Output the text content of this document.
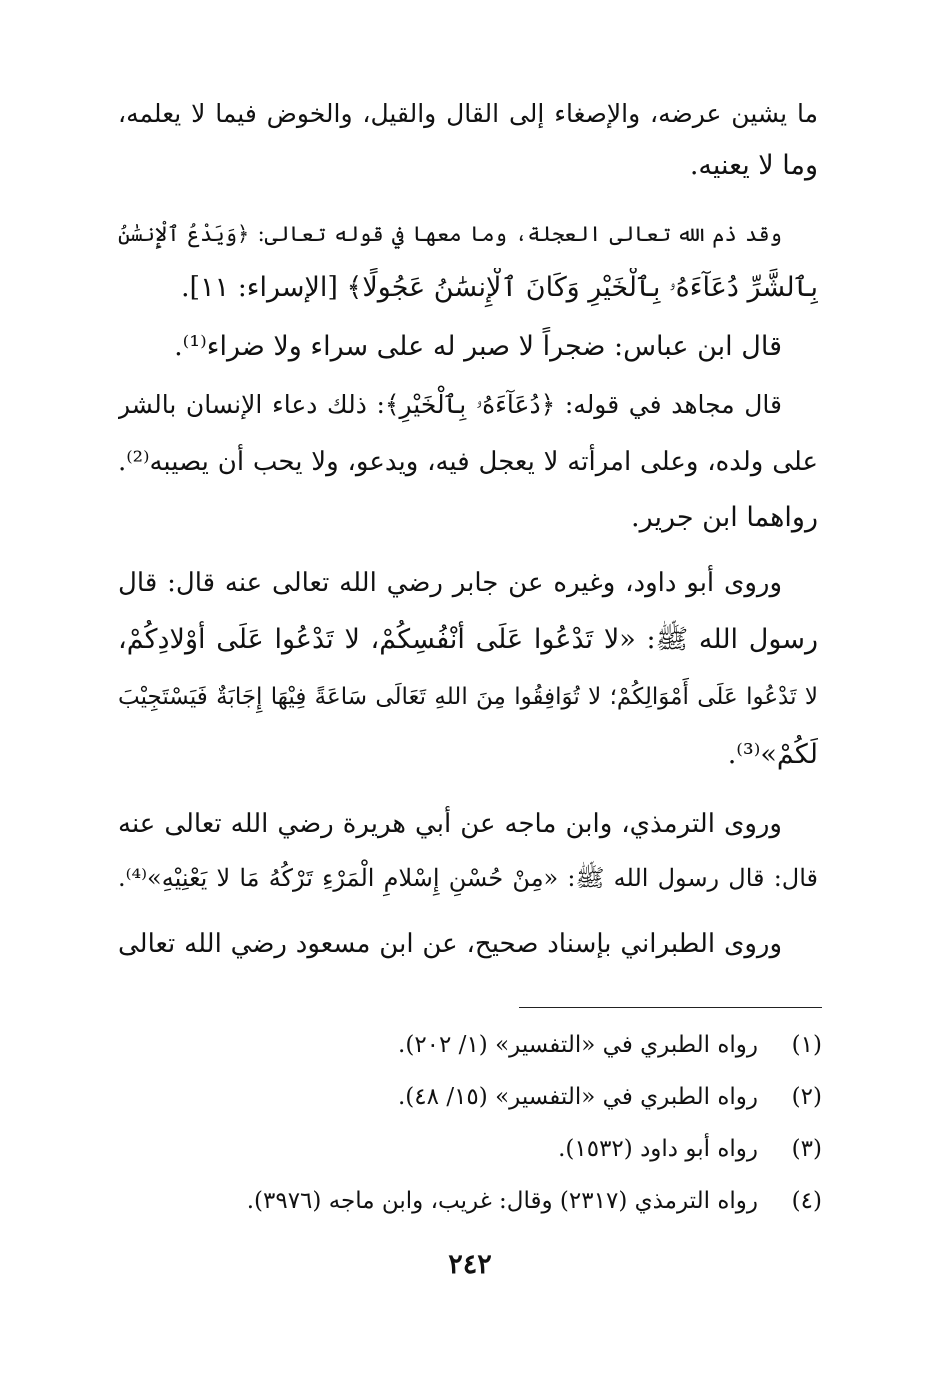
ما يشين عرضه، والإصغاء إلى القال والقيل، والخوض فيما لا يعلمه،
وما لا يعنيه.
وقد ذم الله تعالى العجلة، وما معها في قوله تعالى: ﴿وَيَدْعُ ٱلْإِنسَٰنُ
بِٱلشَّرِّ دُعَآءَهُۥ بِٱلْخَيْرِ وَكَانَ ٱلْإِنسَٰنُ عَجُولًا﴾ [الإسراء: ١١].
قال ابن عباس: ضجراً لا صبر له على سراء ولا ضراء⁽¹⁾.
قال مجاهد في قوله: ﴿دُعَآءَهُۥ بِٱلْخَيْرِ﴾: ذلك دعاء الإنسان بالشر
على ولده، وعلى امرأته لا يعجل فيه، ويدعو، ولا يحب أن يصيبه⁽²⁾.
رواهما ابن جرير.
وروى أبو داود، وغيره عن جابر رضي الله تعالى عنه قال: قال
رسول الله ﷺ: «لا تَدْعُوا عَلَى أَنْفُسِكُمْ، لا تَدْعُوا عَلَى أَوْلادِكُمْ،
لا تَدْعُوا عَلَى أَمْوَالِكُمْ؛ لا تُوَافِقُوا مِنَ اللهِ تَعَالَى سَاعَةً فِيْهَا إِجَابَةٌ فَيَسْتَجِيْبَ
لَكُمْ»⁽³⁾.
وروى الترمذي، وابن ماجه عن أبي هريرة رضي الله تعالى عنه
قال: قال رسول الله ﷺ: «مِنْ حُسْنِ إِسْلامِ الْمَرْءِ تَرْكُهُ مَا لا يَعْنِيْهِ»⁽⁴⁾.
وروى الطبراني بإسناد صحيح، عن ابن مسعود رضي الله تعالى
(١)رواه الطبري في «التفسير» (١/ ٢٠٢).
(٢)رواه الطبري في «التفسير» (١٥/ ٤٨).
(٣)رواه أبو داود (١٥٣٢).
(٤)رواه الترمذي (٢٣١٧) وقال: غريب، وابن ماجه (٣٩٧٦).
٢٤٢
